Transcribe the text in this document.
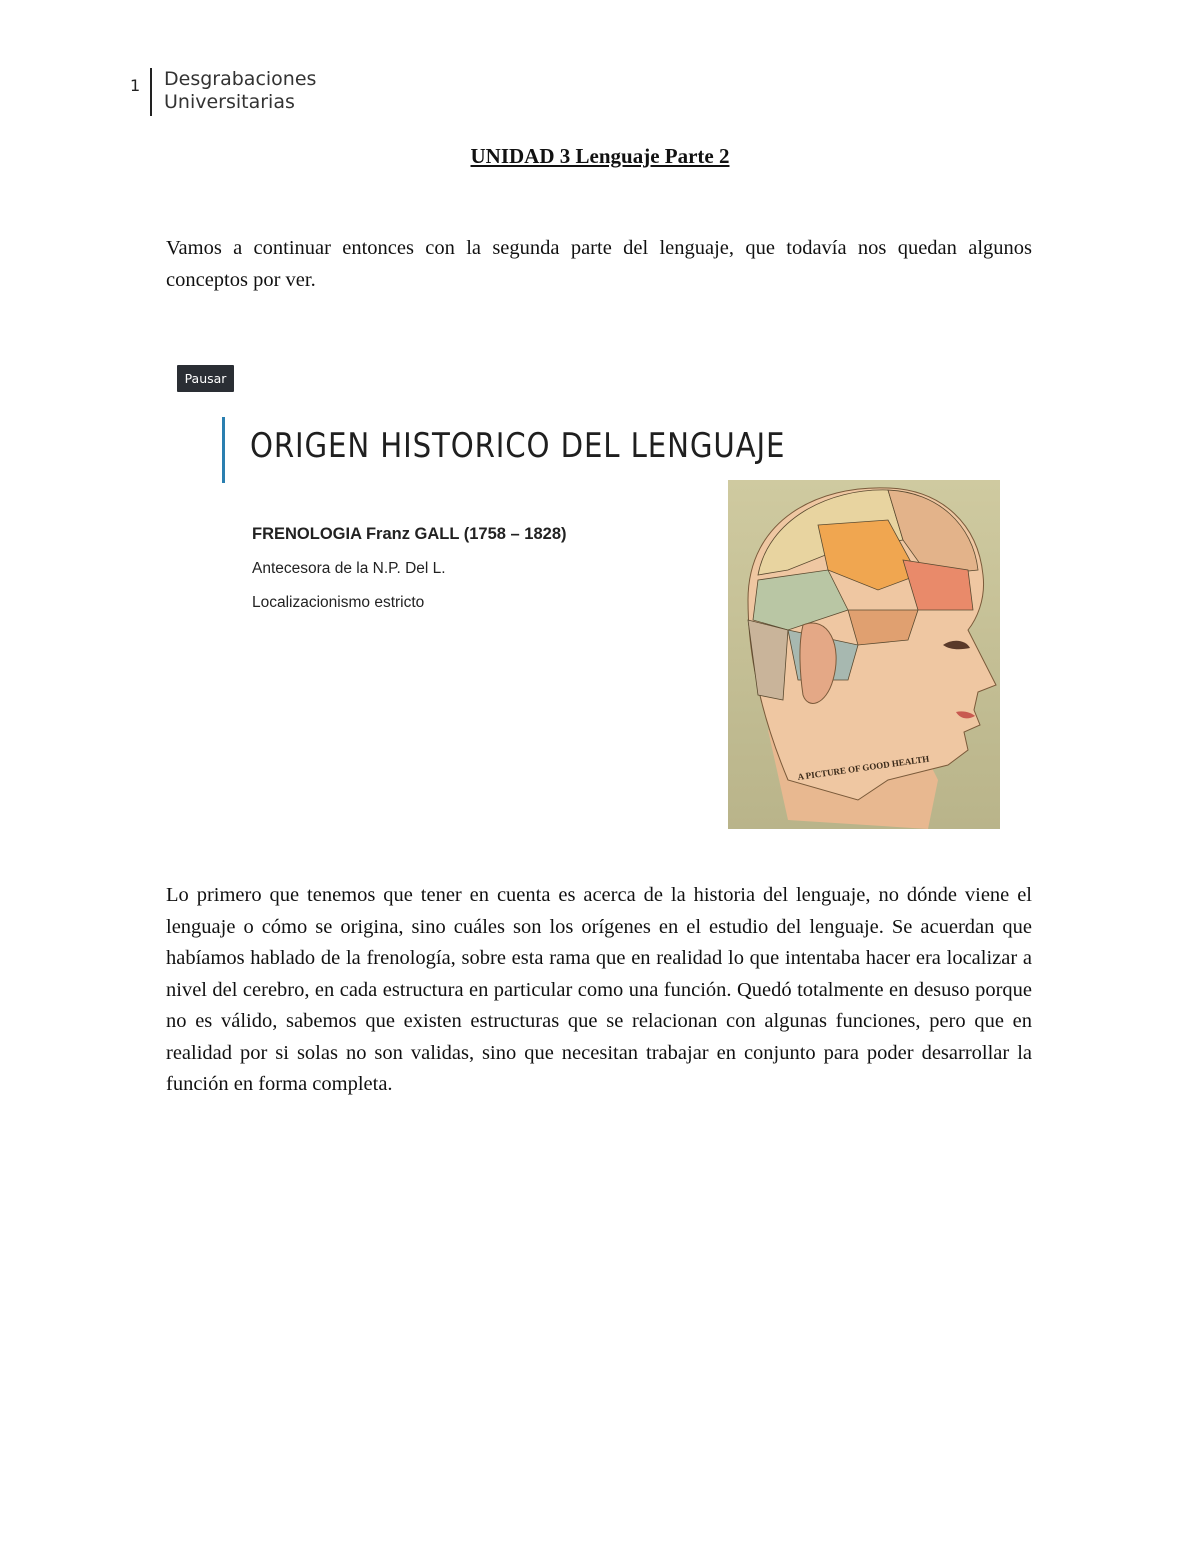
1 Desgrabaciones
Universitarias
UNIDAD 3 Lenguaje Parte 2

Vamos a continuar entonces con la segunda parte del lenguaje, que todavía nos quedan algunos conceptos por ver.

Pausar
ORIGEN HISTORICO DEL LENGUAJE
FRENOLOGIA Franz GALL (1758 – 1828)
Antecesora de la N.P. Del L.
Localizacionismo estricto
A PICTURE OF GOOD HEALTH

Lo primero que tenemos que tener en cuenta es acerca de la historia del lenguaje, no dónde viene el lenguaje o cómo se origina, sino cuáles son los orígenes en el estudio del lenguaje. Se acuerdan que habíamos hablado de la frenología, sobre esta rama que en realidad lo que intentaba hacer era localizar a nivel del cerebro, en cada estructura en particular como una función. Quedó totalmente en desuso porque no es válido, sabemos que existen estructuras que se relacionan con algunas funciones, pero que en realidad por si solas no son validas, sino que necesitan trabajar en conjunto para poder desarrollar la función en forma completa.
